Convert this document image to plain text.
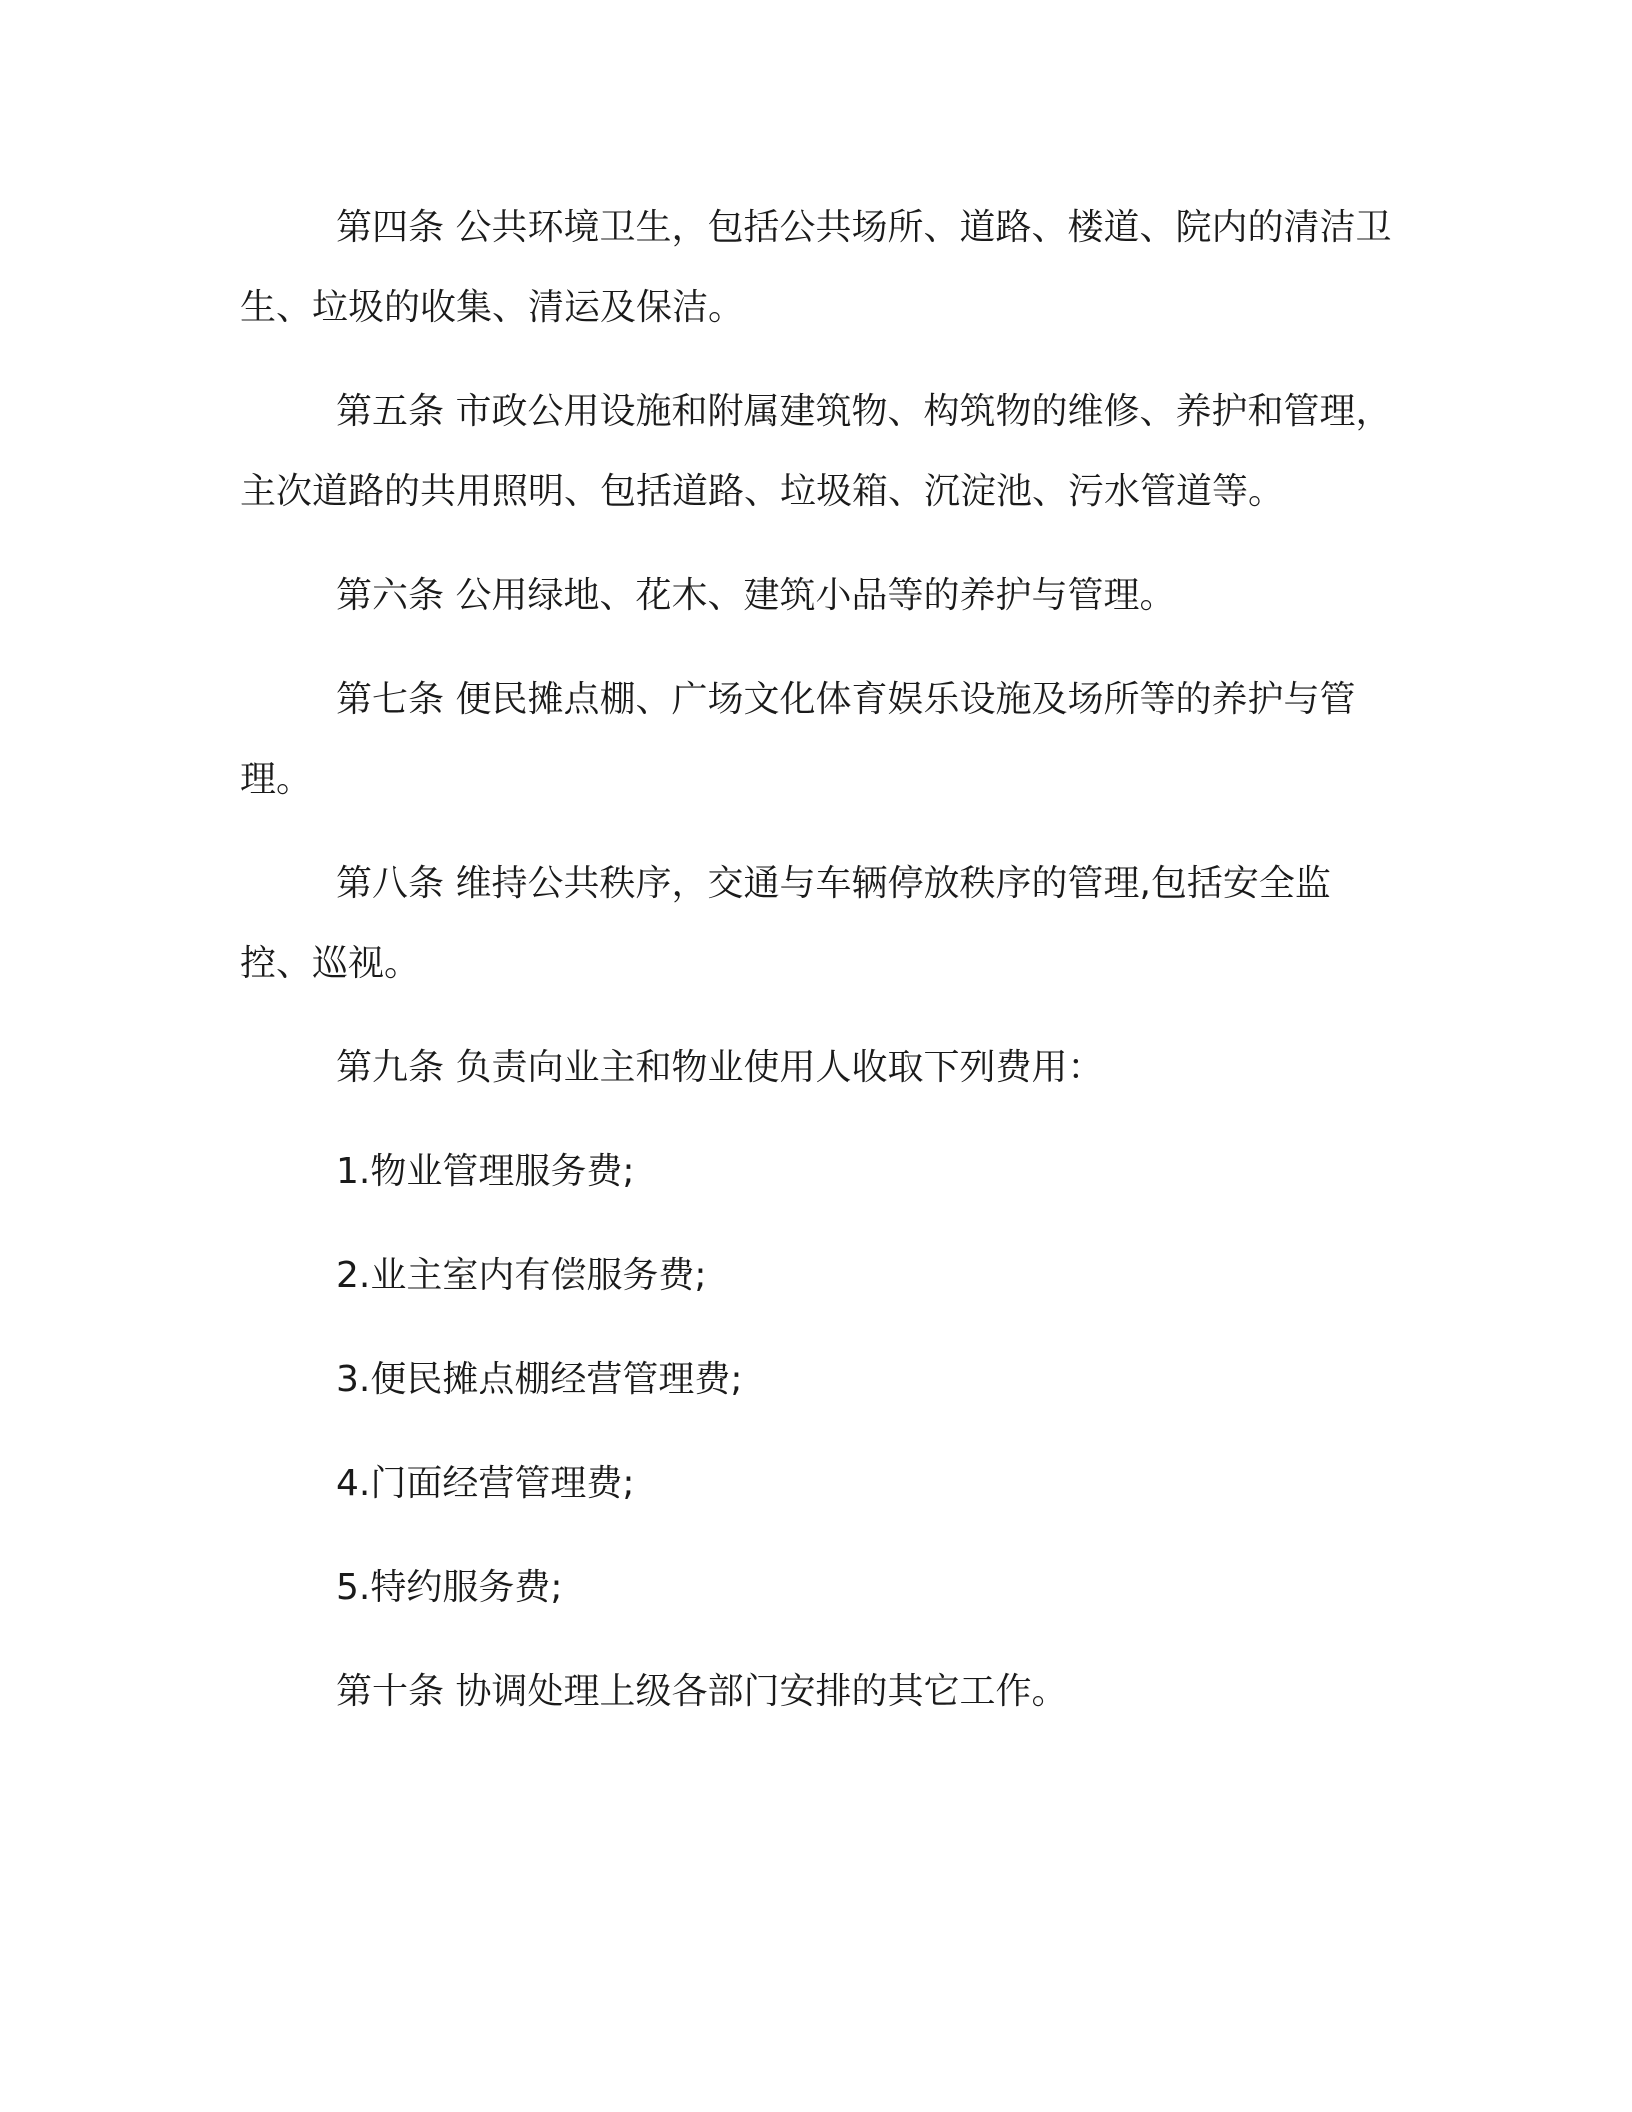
第四条 公共环境卫生，包括公共场所、道路、楼道、院内的清洁卫生、垃圾的收集、清运及保洁。

第五条 市政公用设施和附属建筑物、构筑物的维修、养护和管理，主次道路的共用照明、包括道路、垃圾箱、沉淀池、污水管道等。

第六条 公用绿地、花木、建筑小品等的养护与管理。

第七条 便民摊点棚、广场文化体育娱乐设施及场所等的养护与管理。

第八条 维持公共秩序，交通与车辆停放秩序的管理,包括安全监控、巡视。

第九条 负责向业主和物业使用人收取下列费用：

1.物业管理服务费;

2.业主室内有偿服务费;

3.便民摊点棚经营管理费;

4.门面经营管理费;

5.特约服务费;

第十条 协调处理上级各部门安排的其它工作。
